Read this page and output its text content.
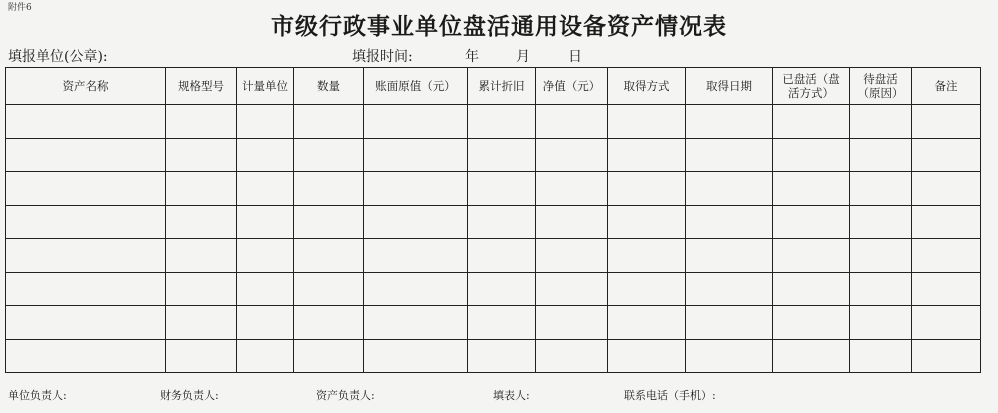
附件6
市级行政事业单位盘活通用设备资产情况表
填报单位(公章):	填报时间:	年	月	日
资产名称	规格型号	计量单位	数量	账面原值（元）	累计折旧	净值（元）	取得方式	取得日期	已盘活（盘活方式）	待盘活（原因）	备注

单位负责人:	财务负责人:	资产负责人:	填表人:	联系电话（手机）:
